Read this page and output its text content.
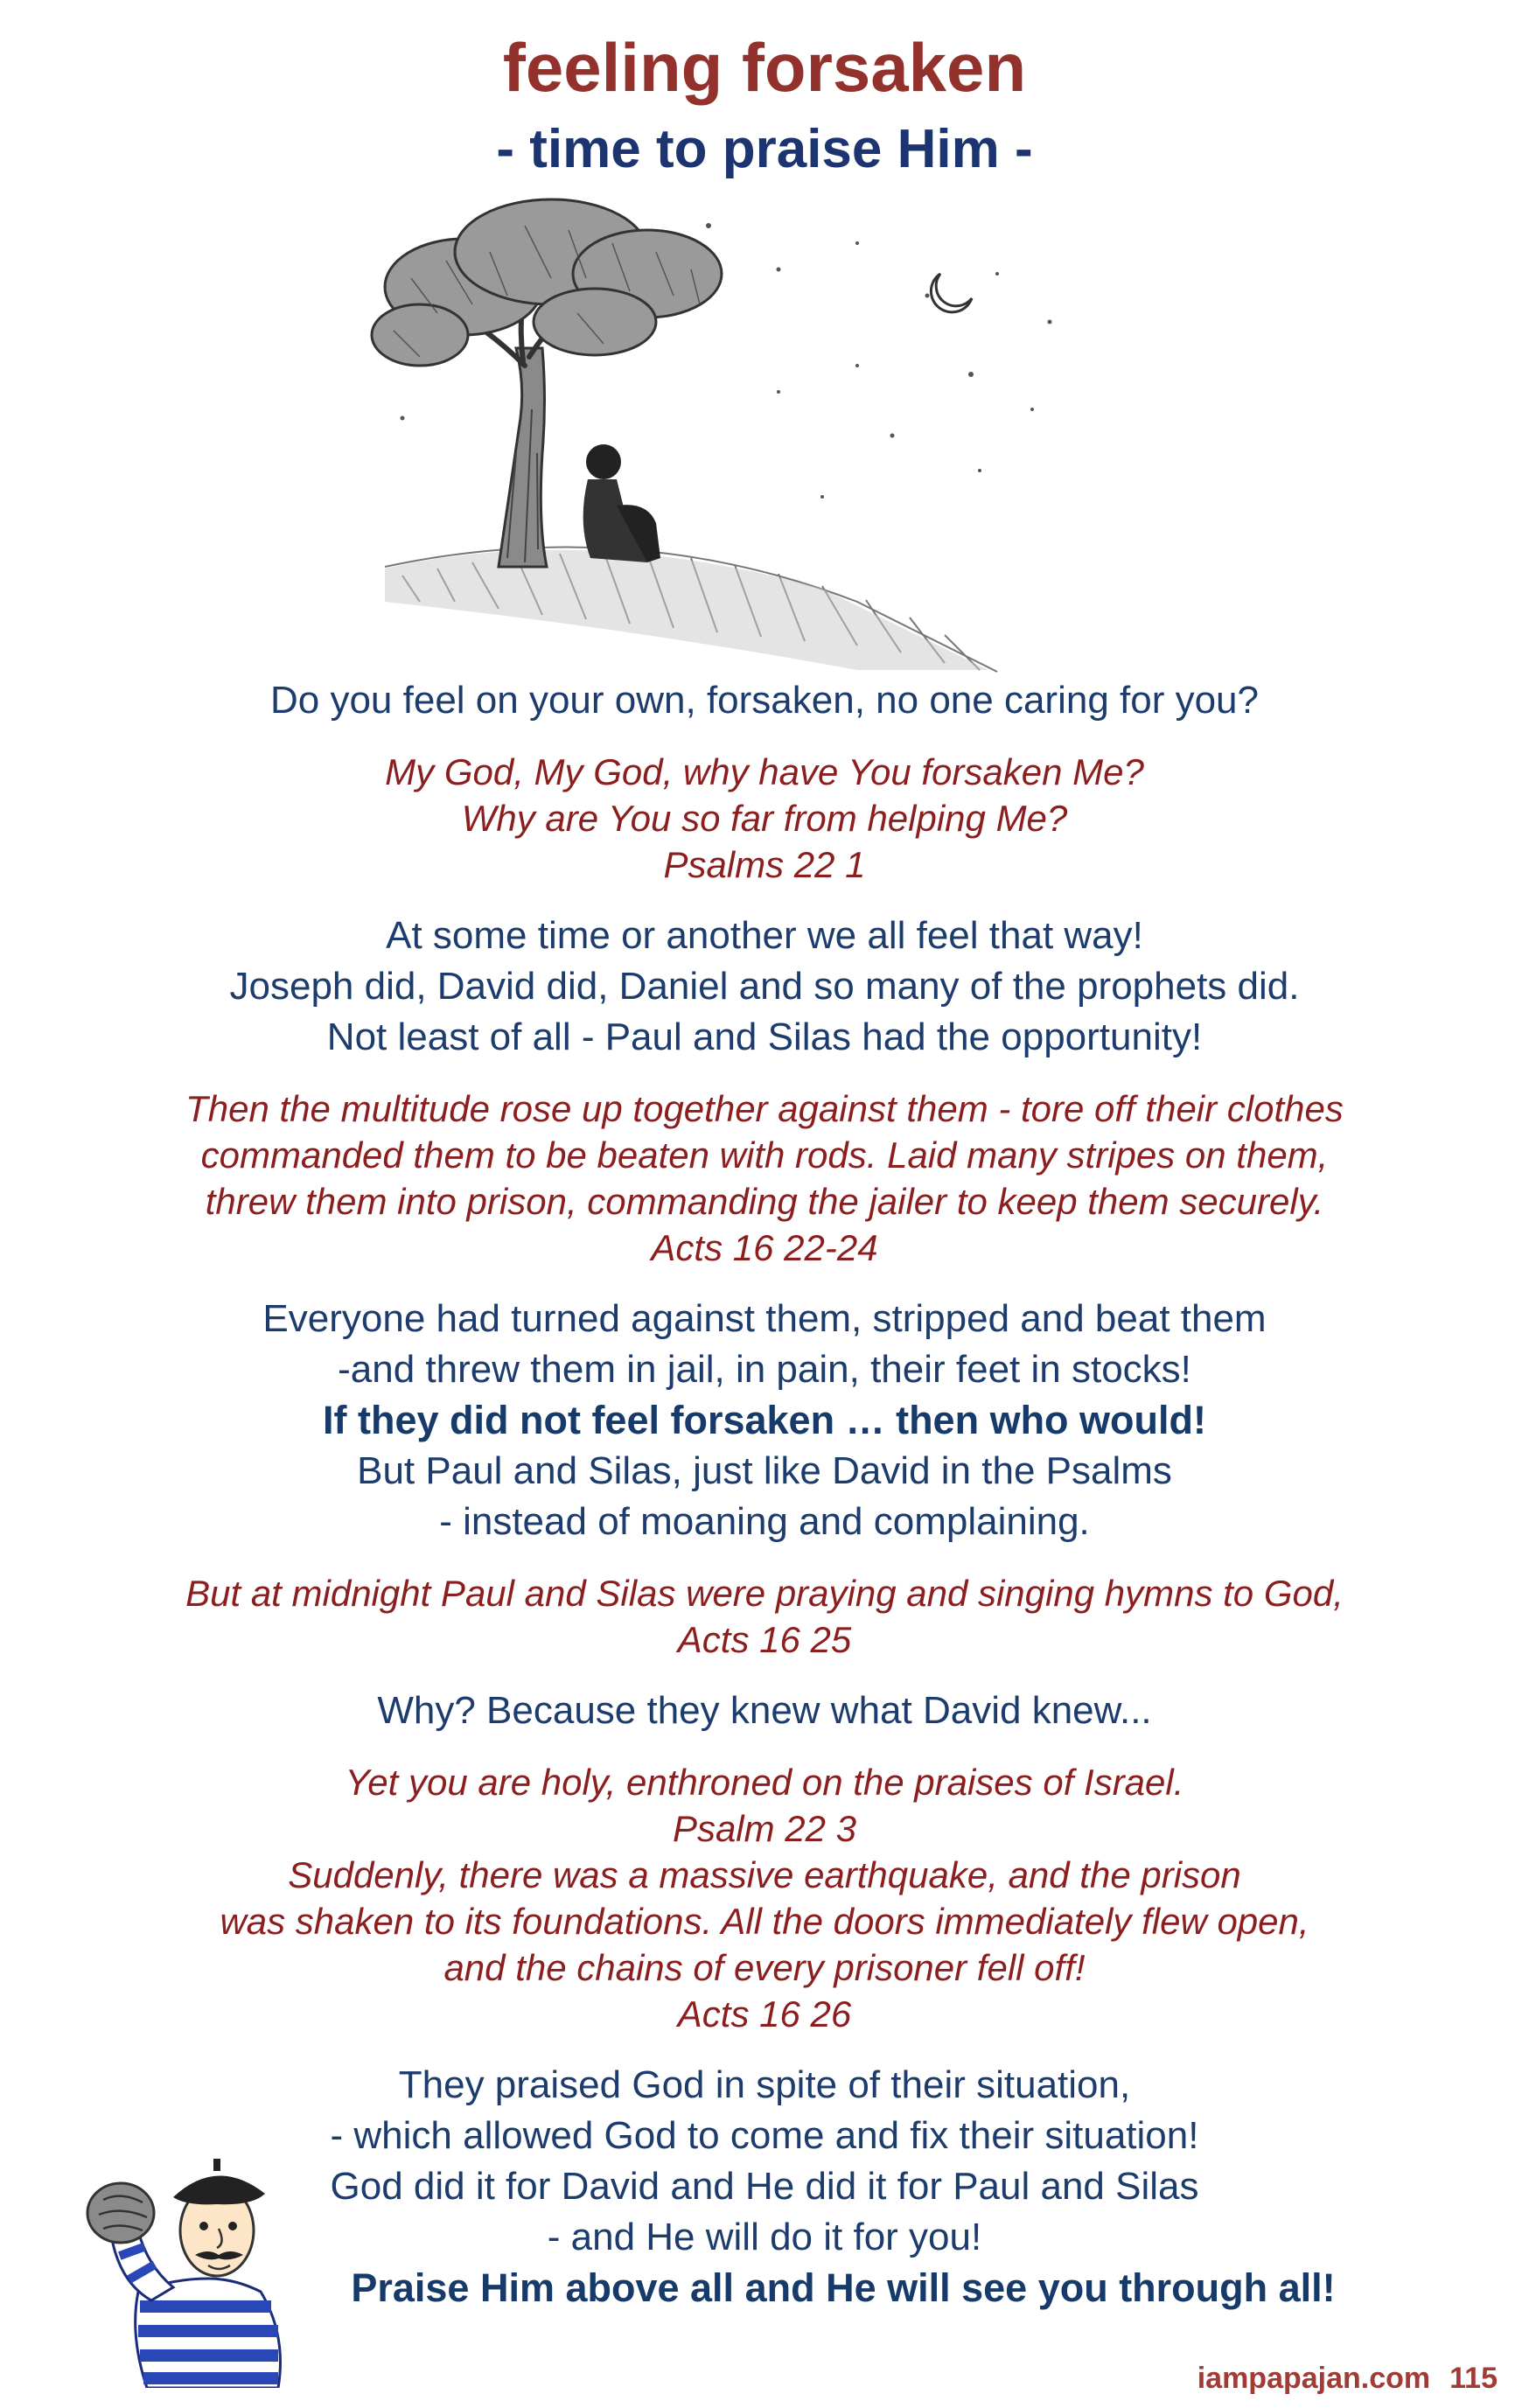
feeling forsaken
- time to praise Him -
Do you feel on your own, forsaken, no one caring for you?
My God, My God, why have You forsaken Me?
Why are You so far from helping Me?
Psalms 22 1
At some time or another we all feel that way!
Joseph did, David did, Daniel and so many of the prophets did.
Not least of all - Paul and Silas had the opportunity!
Then the multitude rose up together against them - tore off their clothes
commanded them to be beaten with rods. Laid many stripes on them,
threw them into prison, commanding the jailer to keep them securely.
Acts 16 22-24
Everyone had turned against them, stripped and beat them
-and threw them in jail, in pain, their feet in stocks!
If they did not feel forsaken … then who would!
But Paul and Silas, just like David in the Psalms
- instead of moaning and complaining.
But at midnight Paul and Silas were praying and singing hymns to God,
Acts 16 25
Why? Because they knew what David knew...
Yet you are holy, enthroned on the praises of Israel.
Psalm 22 3
Suddenly, there was a massive earthquake, and the prison
was shaken to its foundations. All the doors immediately flew open,
and the chains of every prisoner fell off!
Acts 16 26
They praised God in spite of their situation,
- which allowed God to come and fix their situation!
God did it for David and He did it for Paul and Silas
- and He will do it for you!
Praise Him above all and He will see you through all!
iampapajan.com 115
